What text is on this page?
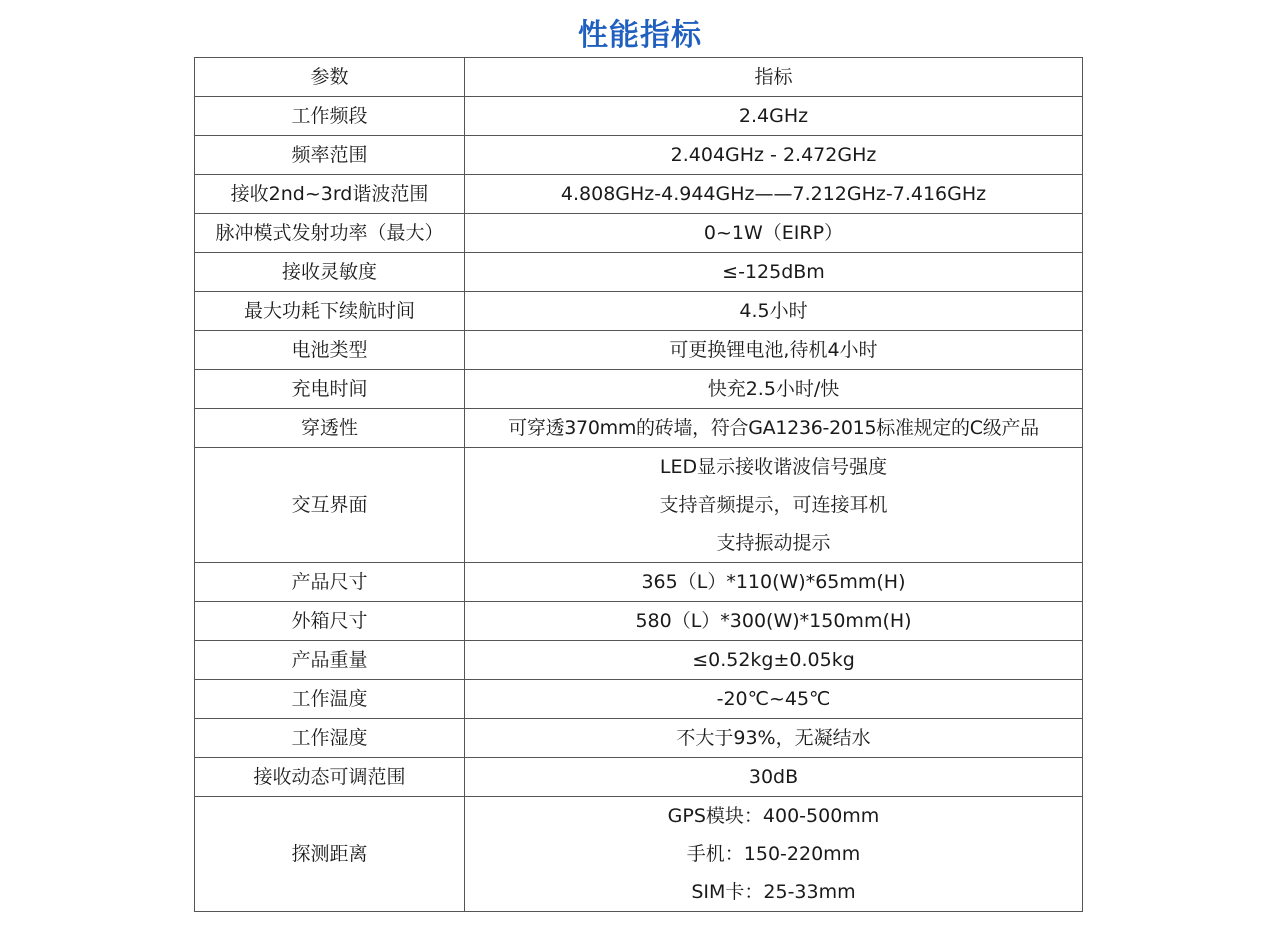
性能指标
参数	指标
工作频段	2.4GHz
频率范围	2.404GHz - 2.472GHz
接收2nd~3rd谐波范围	4.808GHz-4.944GHz——7.212GHz-7.416GHz
脉冲模式发射功率（最大）	0~1W（EIRP）
接收灵敏度	≤-125dBm
最大功耗下续航时间	4.5小时
电池类型	可更换锂电池,待机4小时
充电时间	快充2.5小时/快
穿透性	可穿透370mm的砖墙，符合GA1236-2015标准规定的C级产品
交互界面	LED显示接收谐波信号强度
支持音频提示，可连接耳机
支持振动提示

产品尺寸	365（L）*110(W)*65mm(H)
外箱尺寸	580（L）*300(W)*150mm(H)
产品重量	≤0.52kg±0.05kg
工作温度	-20℃~45℃
工作湿度	不大于93%，无凝结水
接收动态可调范围	30dB
探测距离	GPS模块：400-500mm
手机：150-220mm
SIM卡：25-33mm
